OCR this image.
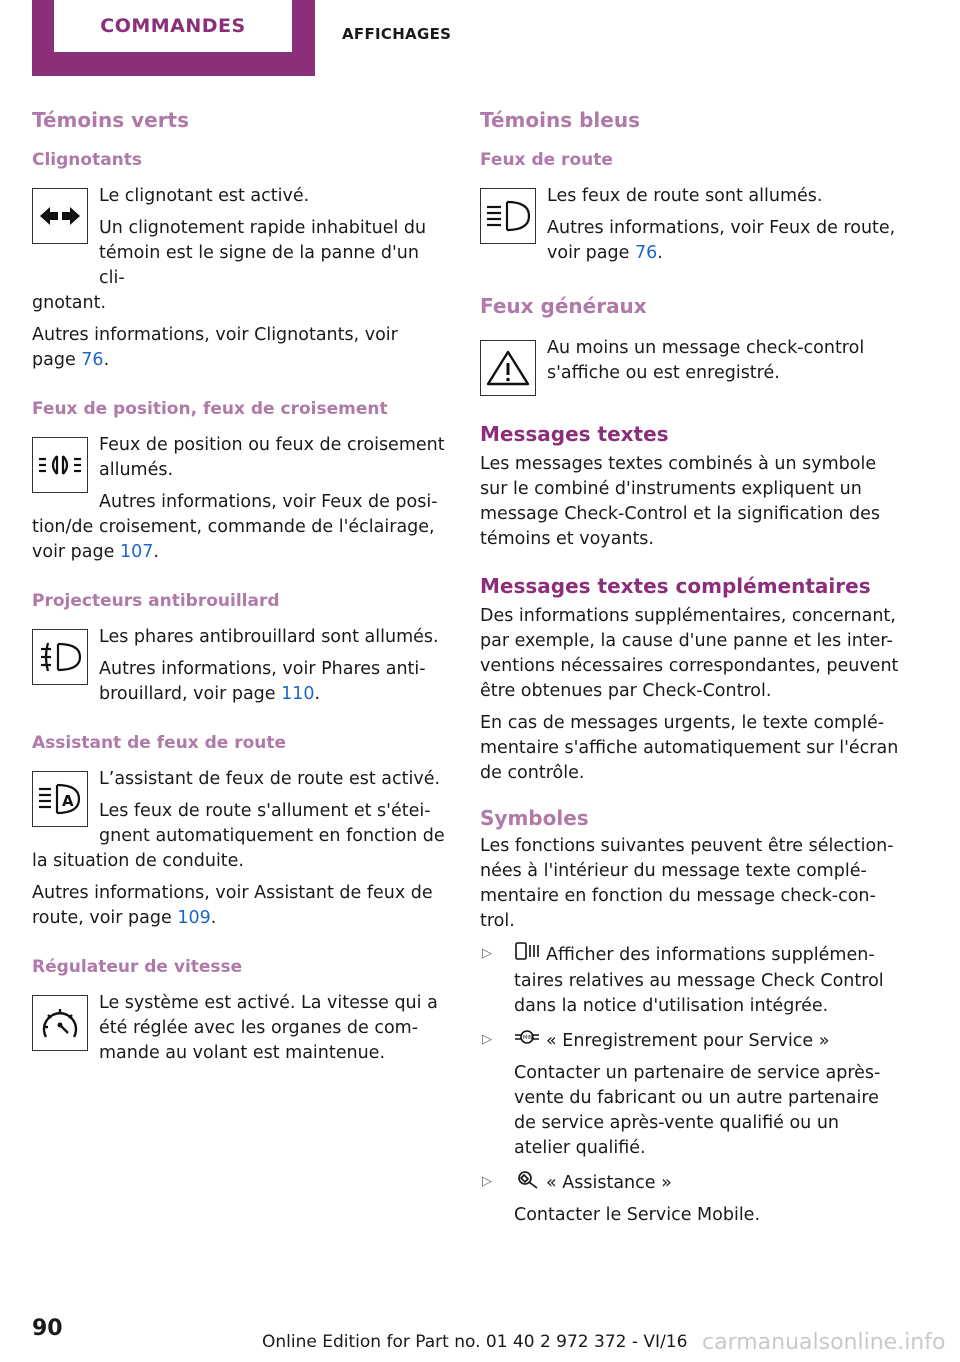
COMMANDES	AFFICHAGES
Témoins verts
Clignotants

Le clignotant est activé.

Un clignotement rapide inhabituel du témoin est le signe de la panne d'un cli-

gnotant.

Autres informations, voir Clignotants, voir page 76.

Feux de position, feux de croisement

Feux de position ou feux de croisement allumés.

Autres informations, voir Feux de posi-

tion/de croisement, commande de l'éclairage, voir page 107.

Projecteurs antibrouillard

Les phares antibrouillard sont allumés.

Autres informations, voir Phares anti-brouillard, voir page 110.

Assistant de feux de route
A

L’assistant de feux de route est activé.

Les feux de route s'allument et s'étei-gnent automatiquement en fonction de

la situation de conduite.

Autres informations, voir Assistant de feux de route, voir page 109.

Régulateur de vitesse

Le système est activé. La vitesse qui a été réglée avec les organes de com-mande au volant est maintenue.

Témoins bleus
Feux de route

Les feux de route sont allumés.

Autres informations, voir Feux de route, voir page 76.

Feux généraux

Au moins un message check-control s'affiche ou est enregistré.

Messages textes

Les messages textes combinés à un symbole sur le combiné d'instruments expliquent un message Check-Control et la signification des témoins et voyants.

Messages textes complémentaires

Des informations supplémentaires, concernant, par exemple, la cause d'une panne et les inter-ventions nécessaires correspondantes, peuvent être obtenues par Check-Control.

En cas de messages urgents, le texte complé-mentaire s'affiche automatiquement sur l'écran de contrôle.

Symboles

Les fonctions suivantes peuvent être sélection-nées à l'intérieur du message texte complé-mentaire en fonction du message check-con-trol.

▷	Afficher des informations supplémen-taires relatives au message Check Control dans la notice d'utilisation intégrée.
▷	MINI « Enregistrement pour Service »

Contacter un partenaire de service après-vente du fabricant ou un autre partenaire de service après-vente qualifié ou un atelier qualifié.

▷	« Assistance »

Contacter le Service Mobile.

90
Online Edition for Part no. 01 40 2 972 372 - VI/16 carmanualsonline.info
